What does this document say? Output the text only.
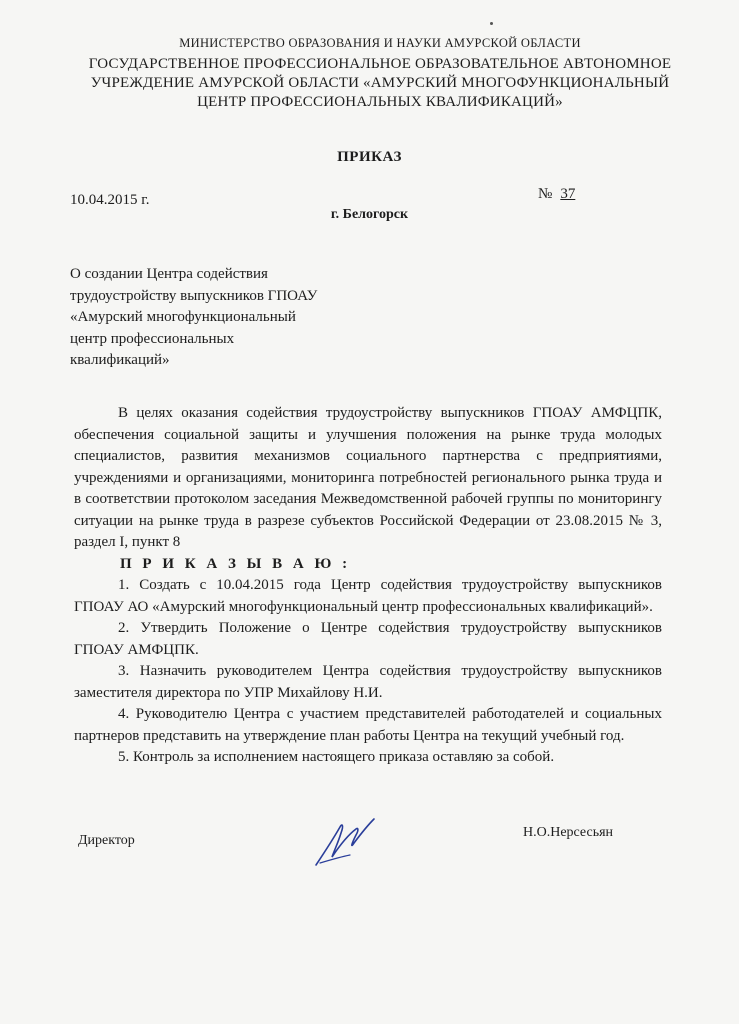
МИНИСТЕРСТВО ОБРАЗОВАНИЯ И НАУКИ АМУРСКОЙ ОБЛАСТИ
ГОСУДАРСТВЕННОЕ ПРОФЕССИОНАЛЬНОЕ ОБРАЗОВАТЕЛЬНОЕ АВТОНОМНОЕ
УЧРЕЖДЕНИЕ АМУРСКОЙ ОБЛАСТИ «АМУРСКИЙ МНОГОФУНКЦИОНАЛЬНЫЙ
ЦЕНТР ПРОФЕССИОНАЛЬНЫХ КВАЛИФИКАЦИЙ»
ПРИКАЗ
10.04.2015 г.	№ 37
г. Белогорск
О создании Центра содействия
трудоустройству выпускников ГПОАУ
«Амурский многофункциональный
центр профессиональных
квалификаций»

В целях оказания содействия трудоустройству выпускников ГПОАУ АМФЦПК, обеспечения социальной защиты и улучшения положения на рынке труда молодых специалистов, развития механизмов социального партнерства с предприятиями, учреждениями и организациями, мониторинга потребностей регионального рынка труда и в соответствии протоколом заседания Межведомственной рабочей группы по мониторингу ситуации на рынке труда в разрезе субъектов Российской Федерации от 23.08.2015 № 3, раздел I, пункт 8

П Р И К А З Ы В А Ю :

1. Создать с 10.04.2015 года Центр содействия трудоустройству выпускников ГПОАУ АО «Амурский многофункциональный центр профессиональных квалификаций».

2. Утвердить Положение о Центре содействия трудоустройству выпускников ГПОАУ АМФЦПК.

3. Назначить руководителем Центра содействия трудоустройству выпускников заместителя директора по УПР Михайлову Н.И.

4. Руководителю Центра с участием представителей работодателей и социальных партнеров представить на утверждение план работы Центра на текущий учебный год.

5. Контроль за исполнением настоящего приказа оставляю за собой.

Директор
Н.О.Нерсесьян
